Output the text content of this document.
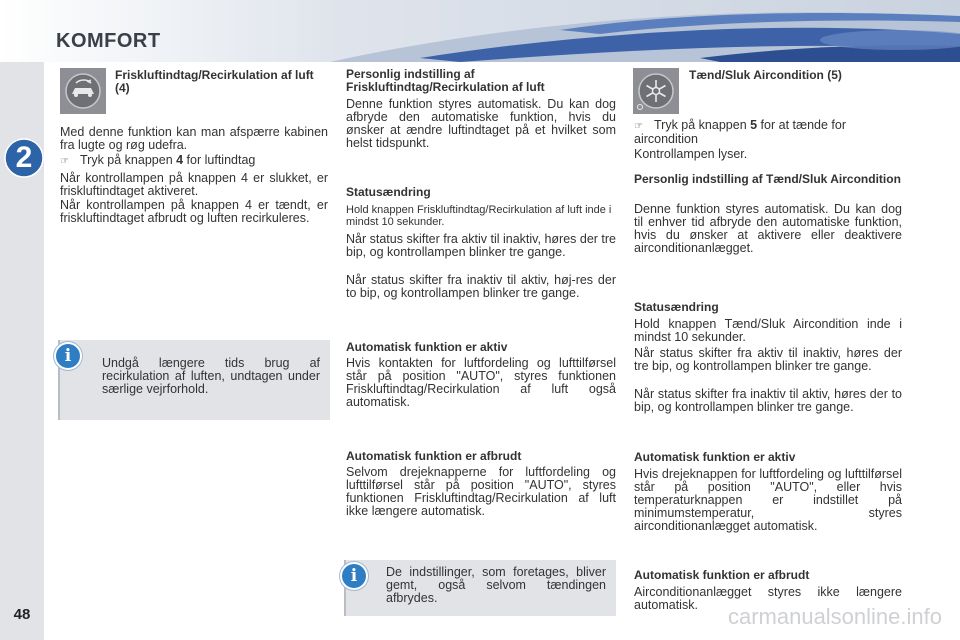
KOMFORT
2
48
Friskluftindtag/Recirkulation af luft (4)
Med denne funktion kan man afspærre kabinen fra lugte og røg udefra.
☞ Tryk på knappen 4 for luftindtag
Når kontrollampen på knappen 4 er slukket, er friskluftindtaget aktiveret.
Når kontrollampen på knappen 4 er tændt, er friskluftindtaget afbrudt og luften recirkuleres.
i	Undgå længere tids brug af recirkulation af luften, undtagen under særlige vejrforhold.
Personlig indstilling af Friskluftindtag/Recirkulation af luft
Denne funktion styres automatisk. Du kan dog afbryde den automatiske funktion, hvis du ønsker at ændre luftindtaget på et hvilket som helst tidspunkt.
Statusændring
Hold knappen Friskluftindtag/Recirkulation af luft inde i mindst 10 sekunder.
Når status skifter fra aktiv til inaktiv, høres der tre bip, og kontrollampen blinker tre gange.
Når status skifter fra inaktiv til aktiv, høj-res der to bip, og kontrollampen blinker tre gange.
Automatisk funktion er aktiv
Hvis kontakten for luftfordeling og lufttilførsel står på position "AUTO", styres funktionen Friskluftindtag/Recirkulation af luft også automatisk.
Automatisk funktion er afbrudt
Selvom drejeknapperne for luftfordeling og lufttilførsel står på position "AUTO", styres funktionen Friskluftindtag/Recirkulation af luft ikke længere automatisk.
i	De indstillinger, som foretages, bliver gemt, også selvom tændingen afbrydes.
Tænd/Sluk Aircondition (5)
☞ Tryk på knappen 5 for at tænde for aircondition
Kontrollampen lyser.
Personlig indstilling af Tænd/Sluk Aircondition
Denne funktion styres automatisk. Du kan dog til enhver tid afbryde den automatiske funktion, hvis du ønsker at aktivere eller deaktivere airconditionanlægget.
Statusændring
Hold knappen Tænd/Sluk Aircondition inde i mindst 10 sekunder.
Når status skifter fra aktiv til inaktiv, høres der tre bip, og kontrollampen blinker tre gange.
Når status skifter fra inaktiv til aktiv, høres der to bip, og kontrollampen blinker tre gange.
Automatisk funktion er aktiv
Hvis drejeknappen for luftfordeling og lufttilførsel står på position "AUTO", eller hvis temperaturknappen er indstillet på minimumstemperatur, styres airconditionanlægget automatisk.
Automatisk funktion er afbrudt
Airconditionanlægget styres ikke længere automatisk.	carmanualsonline.info
